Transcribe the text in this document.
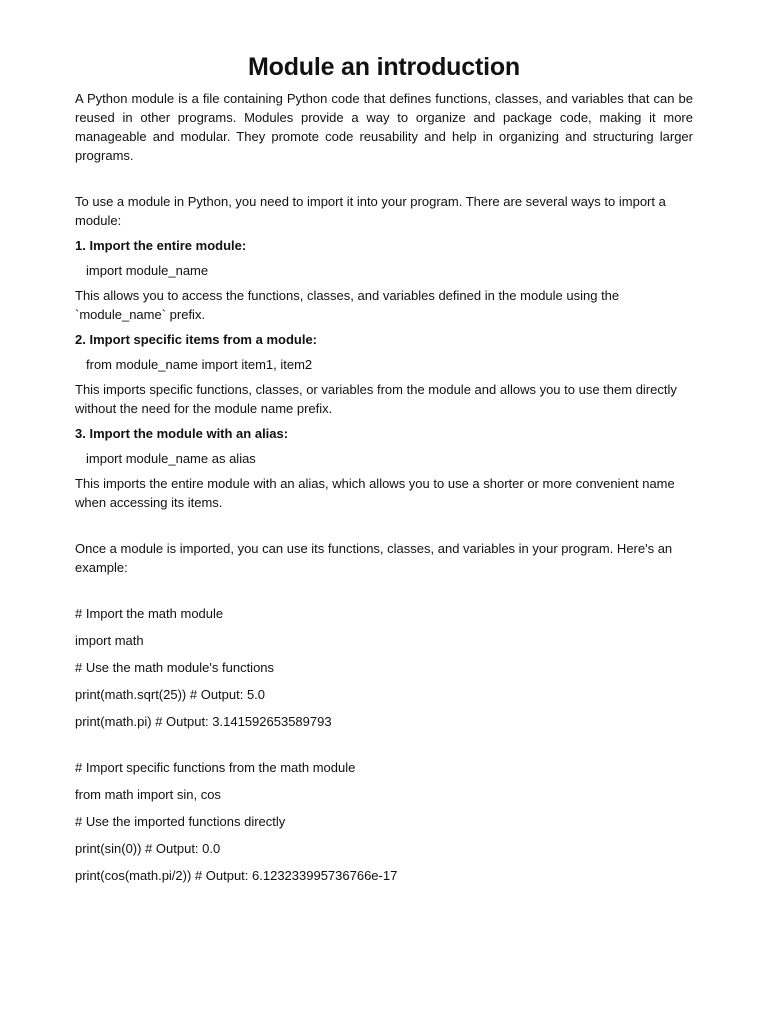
Module an introduction

A Python module is a file containing Python code that defines functions, classes, and variables that can be reused in other programs. Modules provide a way to organize and package code, making it more manageable and modular. They promote code reusability and help in organizing and structuring larger programs.

To use a module in Python, you need to import it into your program. There are several ways to import a module:

1. Import the entire module:

import module_name

This allows you to access the functions, classes, and variables defined in the module using the `module_name` prefix.

2. Import specific items from a module:

from module_name import item1, item2

This imports specific functions, classes, or variables from the module and allows you to use them directly without the need for the module name prefix.

3. Import the module with an alias:

import module_name as alias

This imports the entire module with an alias, which allows you to use a shorter or more convenient name when accessing its items.

Once a module is imported, you can use its functions, classes, and variables in your program. Here's an example:

# Import the math module

import math

# Use the math module's functions

print(math.sqrt(25)) # Output: 5.0

print(math.pi) # Output: 3.141592653589793

# Import specific functions from the math module

from math import sin, cos

# Use the imported functions directly

print(sin(0)) # Output: 0.0

print(cos(math.pi/2)) # Output: 6.123233995736766e-17
